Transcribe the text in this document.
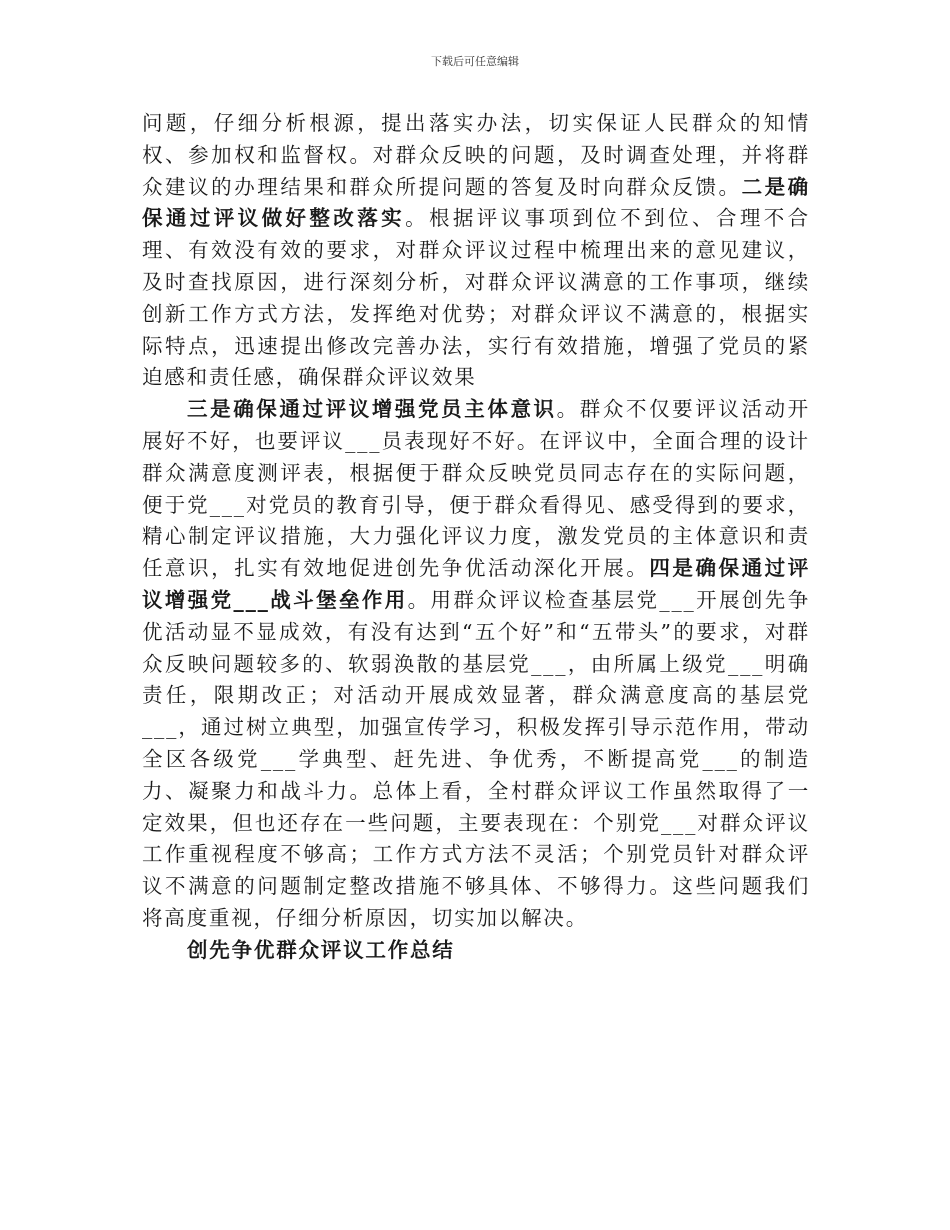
下载后可任意编辑

问题，仔细分析根源，提出落实办法，切实保证人民群众的知情权、参加权和监督权。对群众反映的问题，及时调查处理，并将群众建议的办理结果和群众所提问题的答复及时向群众反馈。二是确保通过评议做好整改落实。根据评议事项到位不到位、合理不合理、有效没有效的要求，对群众评议过程中梳理出来的意见建议，及时查找原因，进行深刻分析，对群众评议满意的工作事项，继续创新工作方式方法，发挥绝对优势；对群众评议不满意的，根据实际特点，迅速提出修改完善办法，实行有效措施，增强了党员的紧迫感和责任感，确保群众评议效果

三是确保通过评议增强党员主体意识。群众不仅要评议活动开展好不好，也要评议___员表现好不好。在评议中，全面合理的设计群众满意度测评表，根据便于群众反映党员同志存在的实际问题，便于党___对党员的教育引导，便于群众看得见、感受得到的要求，精心制定评议措施，大力强化评议力度，激发党员的主体意识和责任意识，扎实有效地促进创先争优活动深化开展。四是确保通过评议增强党___战斗堡垒作用。用群众评议检查基层党___开展创先争优活动显不显成效，有没有达到“五个好”和“五带头”的要求，对群众反映问题较多的、软弱涣散的基层党___，由所属上级党___明确责任，限期改正；对活动开展成效显著，群众满意度高的基层党___，通过树立典型，加强宣传学习，积极发挥引导示范作用，带动全区各级党___学典型、赶先进、争优秀，不断提高党___的制造力、凝聚力和战斗力。总体上看，全村群众评议工作虽然取得了一定效果，但也还存在一些问题，主要表现在：个别党___对群众评议工作重视程度不够高；工作方式方法不灵活；个别党员针对群众评议不满意的问题制定整改措施不够具体、不够得力。这些问题我们将高度重视，仔细分析原因，切实加以解决。

创先争优群众评议工作总结
